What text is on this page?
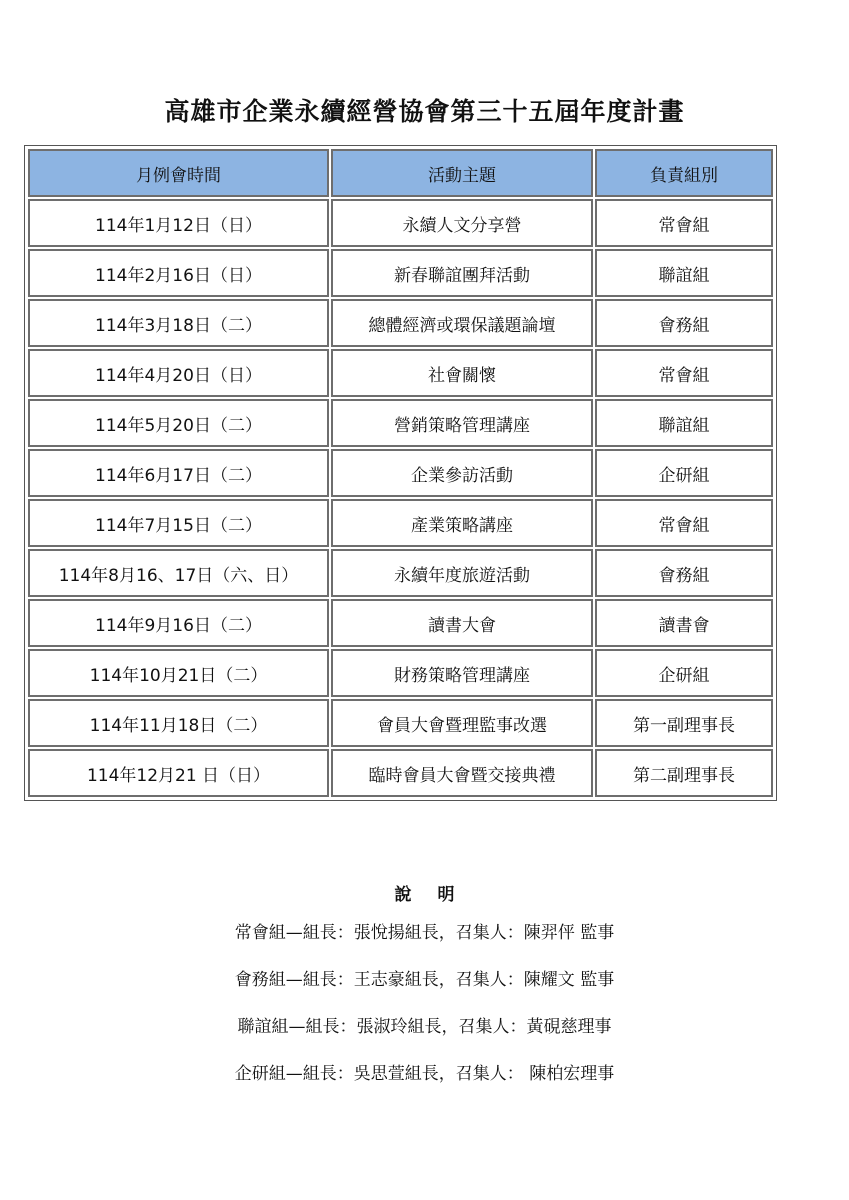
高雄市企業永續經營協會第三十五屆年度計畫
月例會時間	活動主題	負責組別
114年1月12日（日）	永續人文分享營	常會組
114年2月16日（日）	新春聯誼團拜活動	聯誼組
114年3月18日（二）	總體經濟或環保議題論壇	會務組
114年4月20日（日）	社會關懷	常會組
114年5月20日（二）	營銷策略管理講座	聯誼組
114年6月17日（二）	企業參訪活動	企研組
114年7月15日（二）	產業策略講座	常會組
114年8月16、17日（六、日）	永續年度旅遊活動	會務組
114年9月16日（二）	讀書大會	讀書會
114年10月21日（二）	財務策略管理講座	企研組
114年11月18日（二）	會員大會暨理監事改選	第一副理事長
114年12月21 日（日）	臨時會員大會暨交接典禮	第二副理事長
說 明
常會組—組長：張悅揚組長，召集人：陳羿伻 監事
會務組—組長：王志豪組長，召集人：陳耀文 監事
聯誼組—組長：張淑玲組長，召集人：黃硯慈理事
企研組—組長：吳思萱組長，召集人： 陳柏宏理事
